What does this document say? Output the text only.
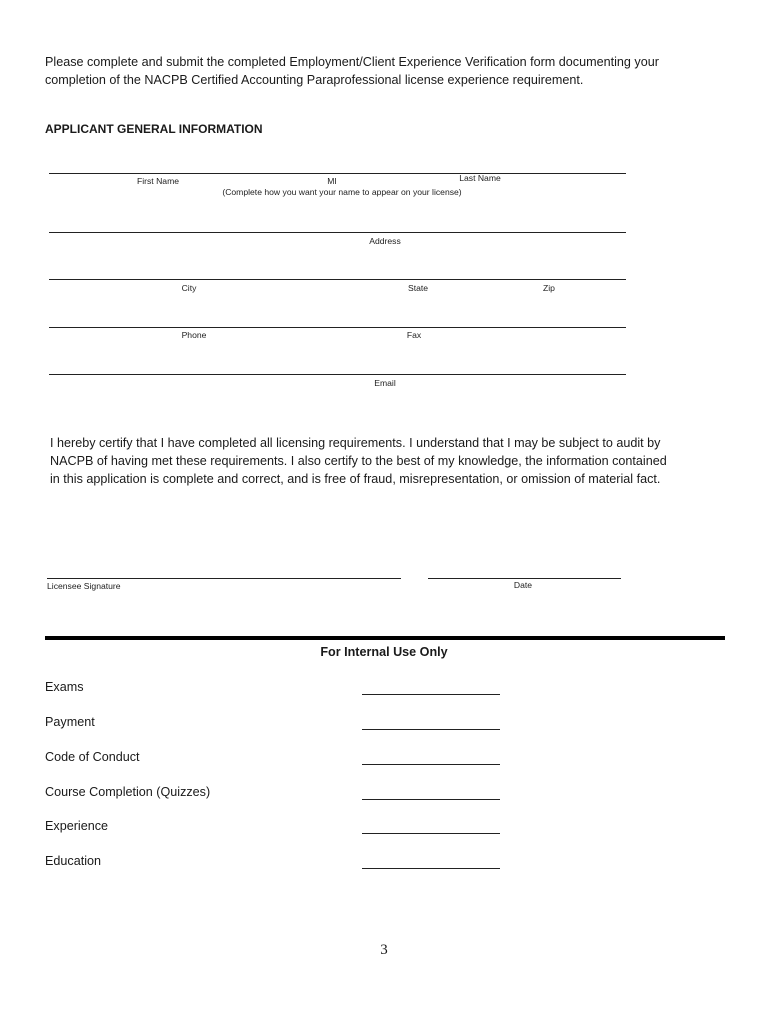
Please complete and submit the completed Employment/Client Experience Verification form documenting your completion of the NACPB Certified Accounting Paraprofessional license experience requirement.
APPLICANT GENERAL INFORMATION
First Name	MI	Last Name
(Complete how you want your name to appear on your license)
Address
City	State	Zip
Phone	Fax
Email
I hereby certify that I have completed all licensing requirements. I understand that I may be subject to audit by NACPB of having met these requirements. I also certify to the best of my knowledge, the information contained in this application is complete and correct, and is free of fraud, misrepresentation, or omission of material fact.
Licensee Signature	Date
For Internal Use Only
Exams
Payment
Code of Conduct
Course Completion (Quizzes)
Experience
Education
3
